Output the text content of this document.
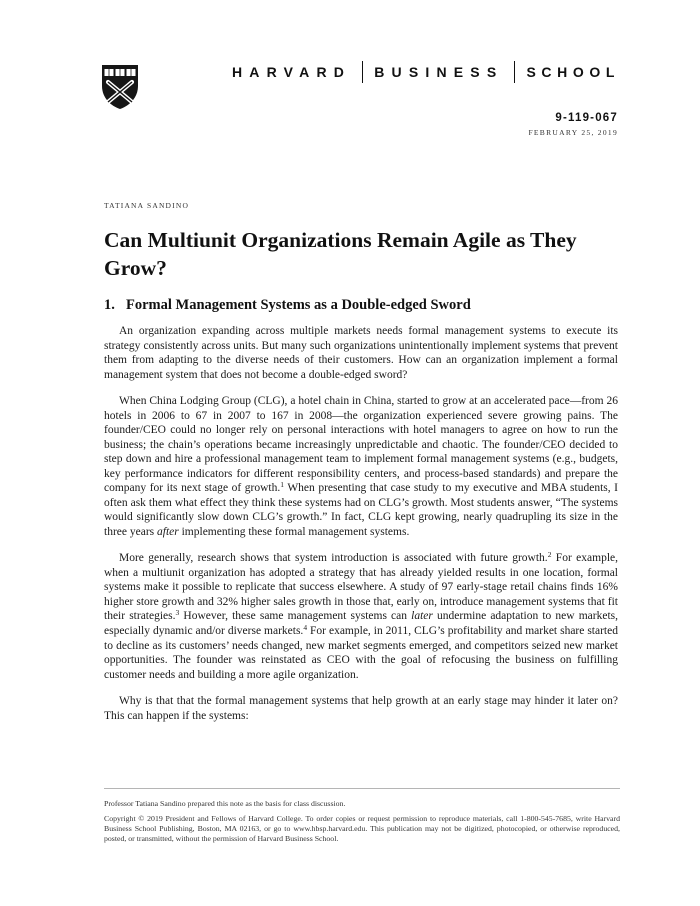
HARVARD BUSINESS SCHOOL
9-119-067
FEBRUARY 25, 2019
TATIANA SANDINO
Can Multiunit Organizations Remain Agile as They Grow?
1. Formal Management Systems as a Double-edged Sword

An organization expanding across multiple markets needs formal management systems to execute its strategy consistently across units. But many such organizations unintentionally implement systems that prevent them from adapting to the diverse needs of their customers. How can an organization implement a formal management system that does not become a double-edged sword?

When China Lodging Group (CLG), a hotel chain in China, started to grow at an accelerated pace—from 26 hotels in 2006 to 67 in 2007 to 167 in 2008—the organization experienced severe growing pains. The founder/CEO could no longer rely on personal interactions with hotel managers to agree on how to run the business; the chain’s operations became increasingly unpredictable and chaotic. The founder/CEO decided to step down and hire a professional management team to implement formal management systems (e.g., budgets, key performance indicators for different responsibility centers, and process-based standards) and prepare the company for its next stage of growth.$^1$ When presenting that case study to my executive and MBA students, I often ask them what effect they think these systems had on CLG’s growth. Most students answer, “The systems would significantly slow down CLG’s growth.” In fact, CLG kept growing, nearly quadrupling its size in the three years after implementing these formal management systems.

More generally, research shows that system introduction is associated with future growth.$^2$ For example, when a multiunit organization has adopted a strategy that has already yielded results in one location, formal systems make it possible to replicate that success elsewhere. A study of 97 early-stage retail chains finds 16% higher store growth and 32% higher sales growth in those that, early on, introduce management systems that fit their strategies.$^3$ However, these same management systems can later undermine adaptation to new markets, especially dynamic and/or diverse markets.$^4$ For example, in 2011, CLG’s profitability and market share started to decline as its customers’ needs changed, new market segments emerged, and competitors seized new market opportunities. The founder was reinstated as CEO with the goal of refocusing the business on fulfilling customer needs and building a more agile organization.

Why is that that the formal management systems that help growth at an early stage may hinder it later on? This can happen if the systems:

Professor Tatiana Sandino prepared this note as the basis for class discussion.
Copyright © 2019 President and Fellows of Harvard College. To order copies or request permission to reproduce materials, call 1-800-545-7685, write Harvard Business School Publishing, Boston, MA 02163, or go to www.hbsp.harvard.edu. This publication may not be digitized, photocopied, or otherwise reproduced, posted, or transmitted, without the permission of Harvard Business School.
